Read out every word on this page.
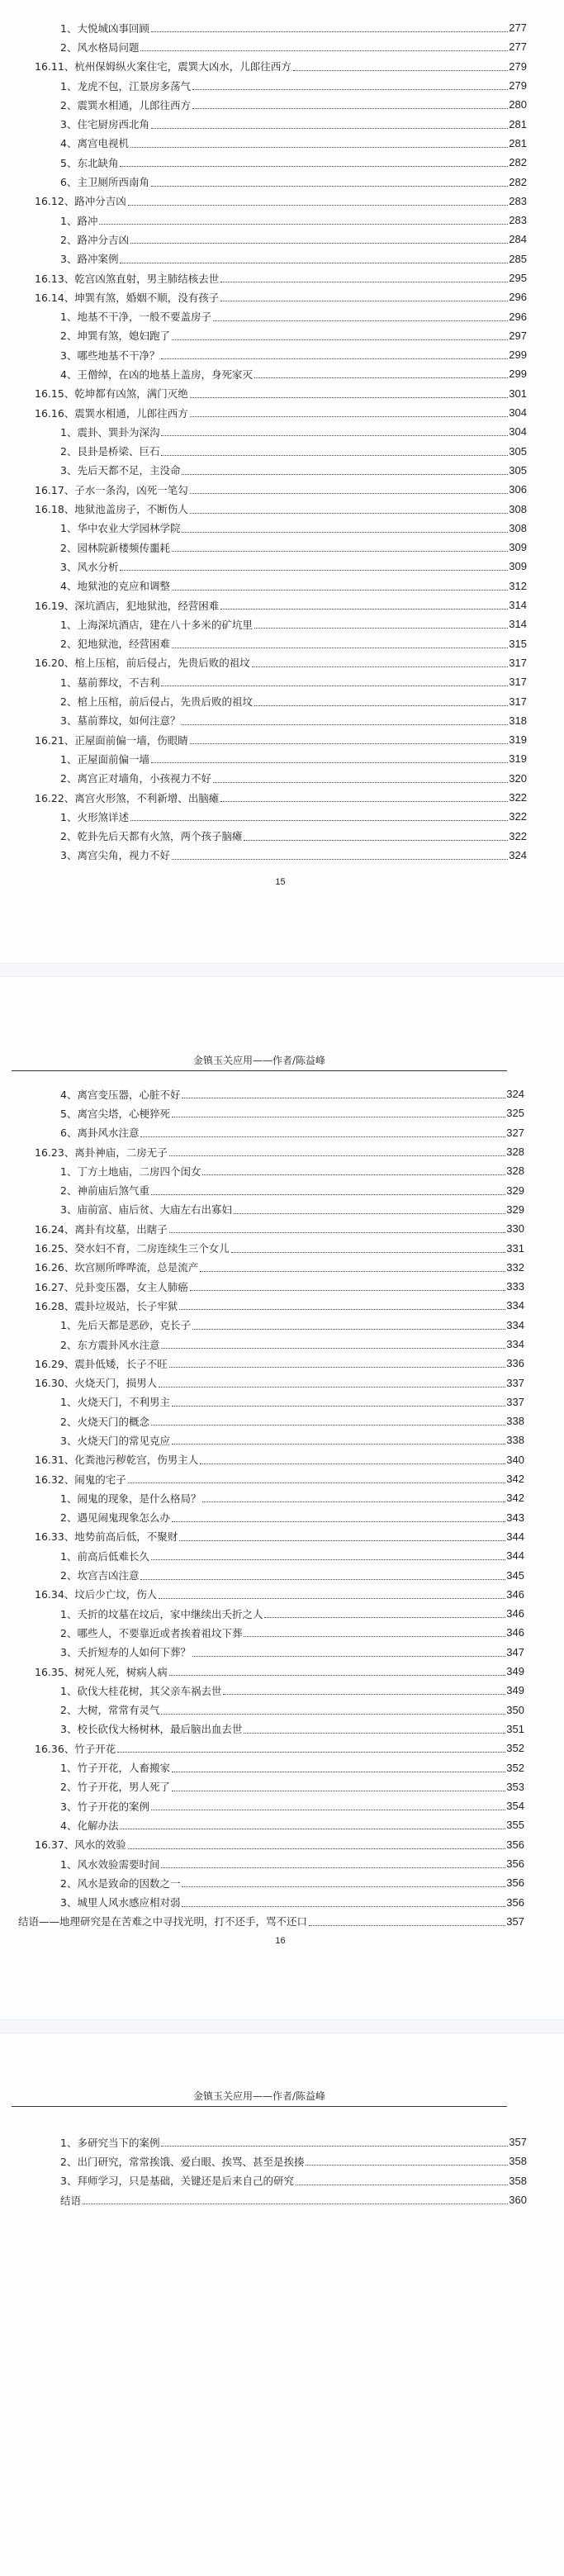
1、大悦城凶事回顾	277
2、风水格局问题	277
16.11、杭州保姆纵火案住宅，震巽大凶水，儿郎往西方	279
1、龙虎不包，江景房多荡气	279
2、震巽水相通，儿郎往西方	280
3、住宅厨房西北角	281
4、离宫电视机	281
5、东北缺角	282
6、主卫厕所西南角	282
16.12、路冲分吉凶	283
1、路冲	283
2、路冲分吉凶	284
3、路冲案例	285
16.13、乾宫凶煞直射，男主肺结核去世	295
16.14、坤巽有煞，婚姻不顺，没有孩子	296
1、地基不干净，一般不要盖房子	296
2、坤巽有煞，媳妇跑了	297
3、哪些地基不干净？	299
4、王僧绰，在凶的地基上盖房，身死家灭	299
16.15、乾坤都有凶煞，满门灭绝	301
16.16、震巽水相通，儿郎往西方	304
1、震卦、巽卦为深沟	304
2、艮卦是桥梁、巨石	305
3、先后天都不足，主没命	305
16.17、子水一条沟，凶死一笔勾	306
16.18、地狱池盖房子，不断伤人	308
1、华中农业大学园林学院	308
2、园林院新楼频传噩耗	309
3、风水分析	309
4、地狱池的克应和调整	312
16.19、深坑酒店，犯地狱池，经营困难	314
1、上海深坑酒店，建在八十多米的矿坑里	314
2、犯地狱池，经营困难	315
16.20、棺上压棺，前后侵占，先贵后败的祖坟	317
1、墓前葬坟，不吉利	317
2、棺上压棺，前后侵占，先贵后败的祖坟	317
3、墓前葬坟，如何注意？	318
16.21、正屋面前偏一墙，伤眼睛	319
1、正屋面前偏一墙	319
2、离宫正对墙角，小孩视力不好	320
16.22、离宫火形煞，不利新增、出脑瘫	322
1、火形煞详述	322
2、乾卦先后天都有火煞，两个孩子脑瘫	322
3、离宫尖角，视力不好	324
15
金镇玉关应用——作者/陈益峰
4、离宫变压器，心脏不好	324
5、离宫尖塔，心梗猝死	325
6、离卦风水注意	327
16.23、离卦神庙，二房无子	328
1、丁方土地庙，二房四个闺女	328
2、神前庙后煞气重	329
3、庙前富、庙后贫、大庙左右出寡妇	329
16.24、离卦有坟墓，出瞎子	330
16.25、癸水妇不育，二房连续生三个女儿	331
16.26、坎宫厕所哗哗流，总是流产	332
16.27、兑卦变压器，女主人肺癌	333
16.28、震卦垃圾站，长子牢狱	334
1、先后天都是恶砂，克长子	334
2、东方震卦风水注意	334
16.29、震卦低矮，长子不旺	336
16.30、火烧天门，损男人	337
1、火烧天门，不利男主	337
2、火烧天门的概念	338
3、火烧天门的常见克应	338
16.31、化粪池污秽乾宫，伤男主人	340
16.32、闹鬼的宅子	342
1、闹鬼的现象，是什么格局？	342
2、遇见闹鬼现象怎么办	343
16.33、地势前高后低，不聚财	344
1、前高后低难长久	344
2、坎宫吉凶注意	345
16.34、坟后少亡坟，伤人	346
1、夭折的坟墓在坟后，家中继续出夭折之人	346
2、哪些人，不要靠近或者挨着祖坟下葬	346
3、夭折短寿的人如何下葬？	347
16.35、树死人死，树病人病	349
1、砍伐大桂花树，其父亲车祸去世	349
2、大树，常常有灵气	350
3、校长砍伐大杨树林，最后脑出血去世	351
16.36、竹子开花	352
1、竹子开花，人畜搬家	352
2、竹子开花，男人死了	353
3、竹子开花的案例	354
4、化解办法	355
16.37、风水的效验	356
1、风水效验需要时间	356
2、风水是致命的因数之一	356
3、城里人风水感应相对弱	356
结语——地理研究是在苦难之中寻找光明，打不还手，骂不还口	357
16
金镇玉关应用——作者/陈益峰
1、多研究当下的案例	357
2、出门研究，常常挨饿、爱白眼、挨骂、甚至是挨揍	358
3、拜师学习，只是基础，关键还是后来自己的研究	358
结语	360
